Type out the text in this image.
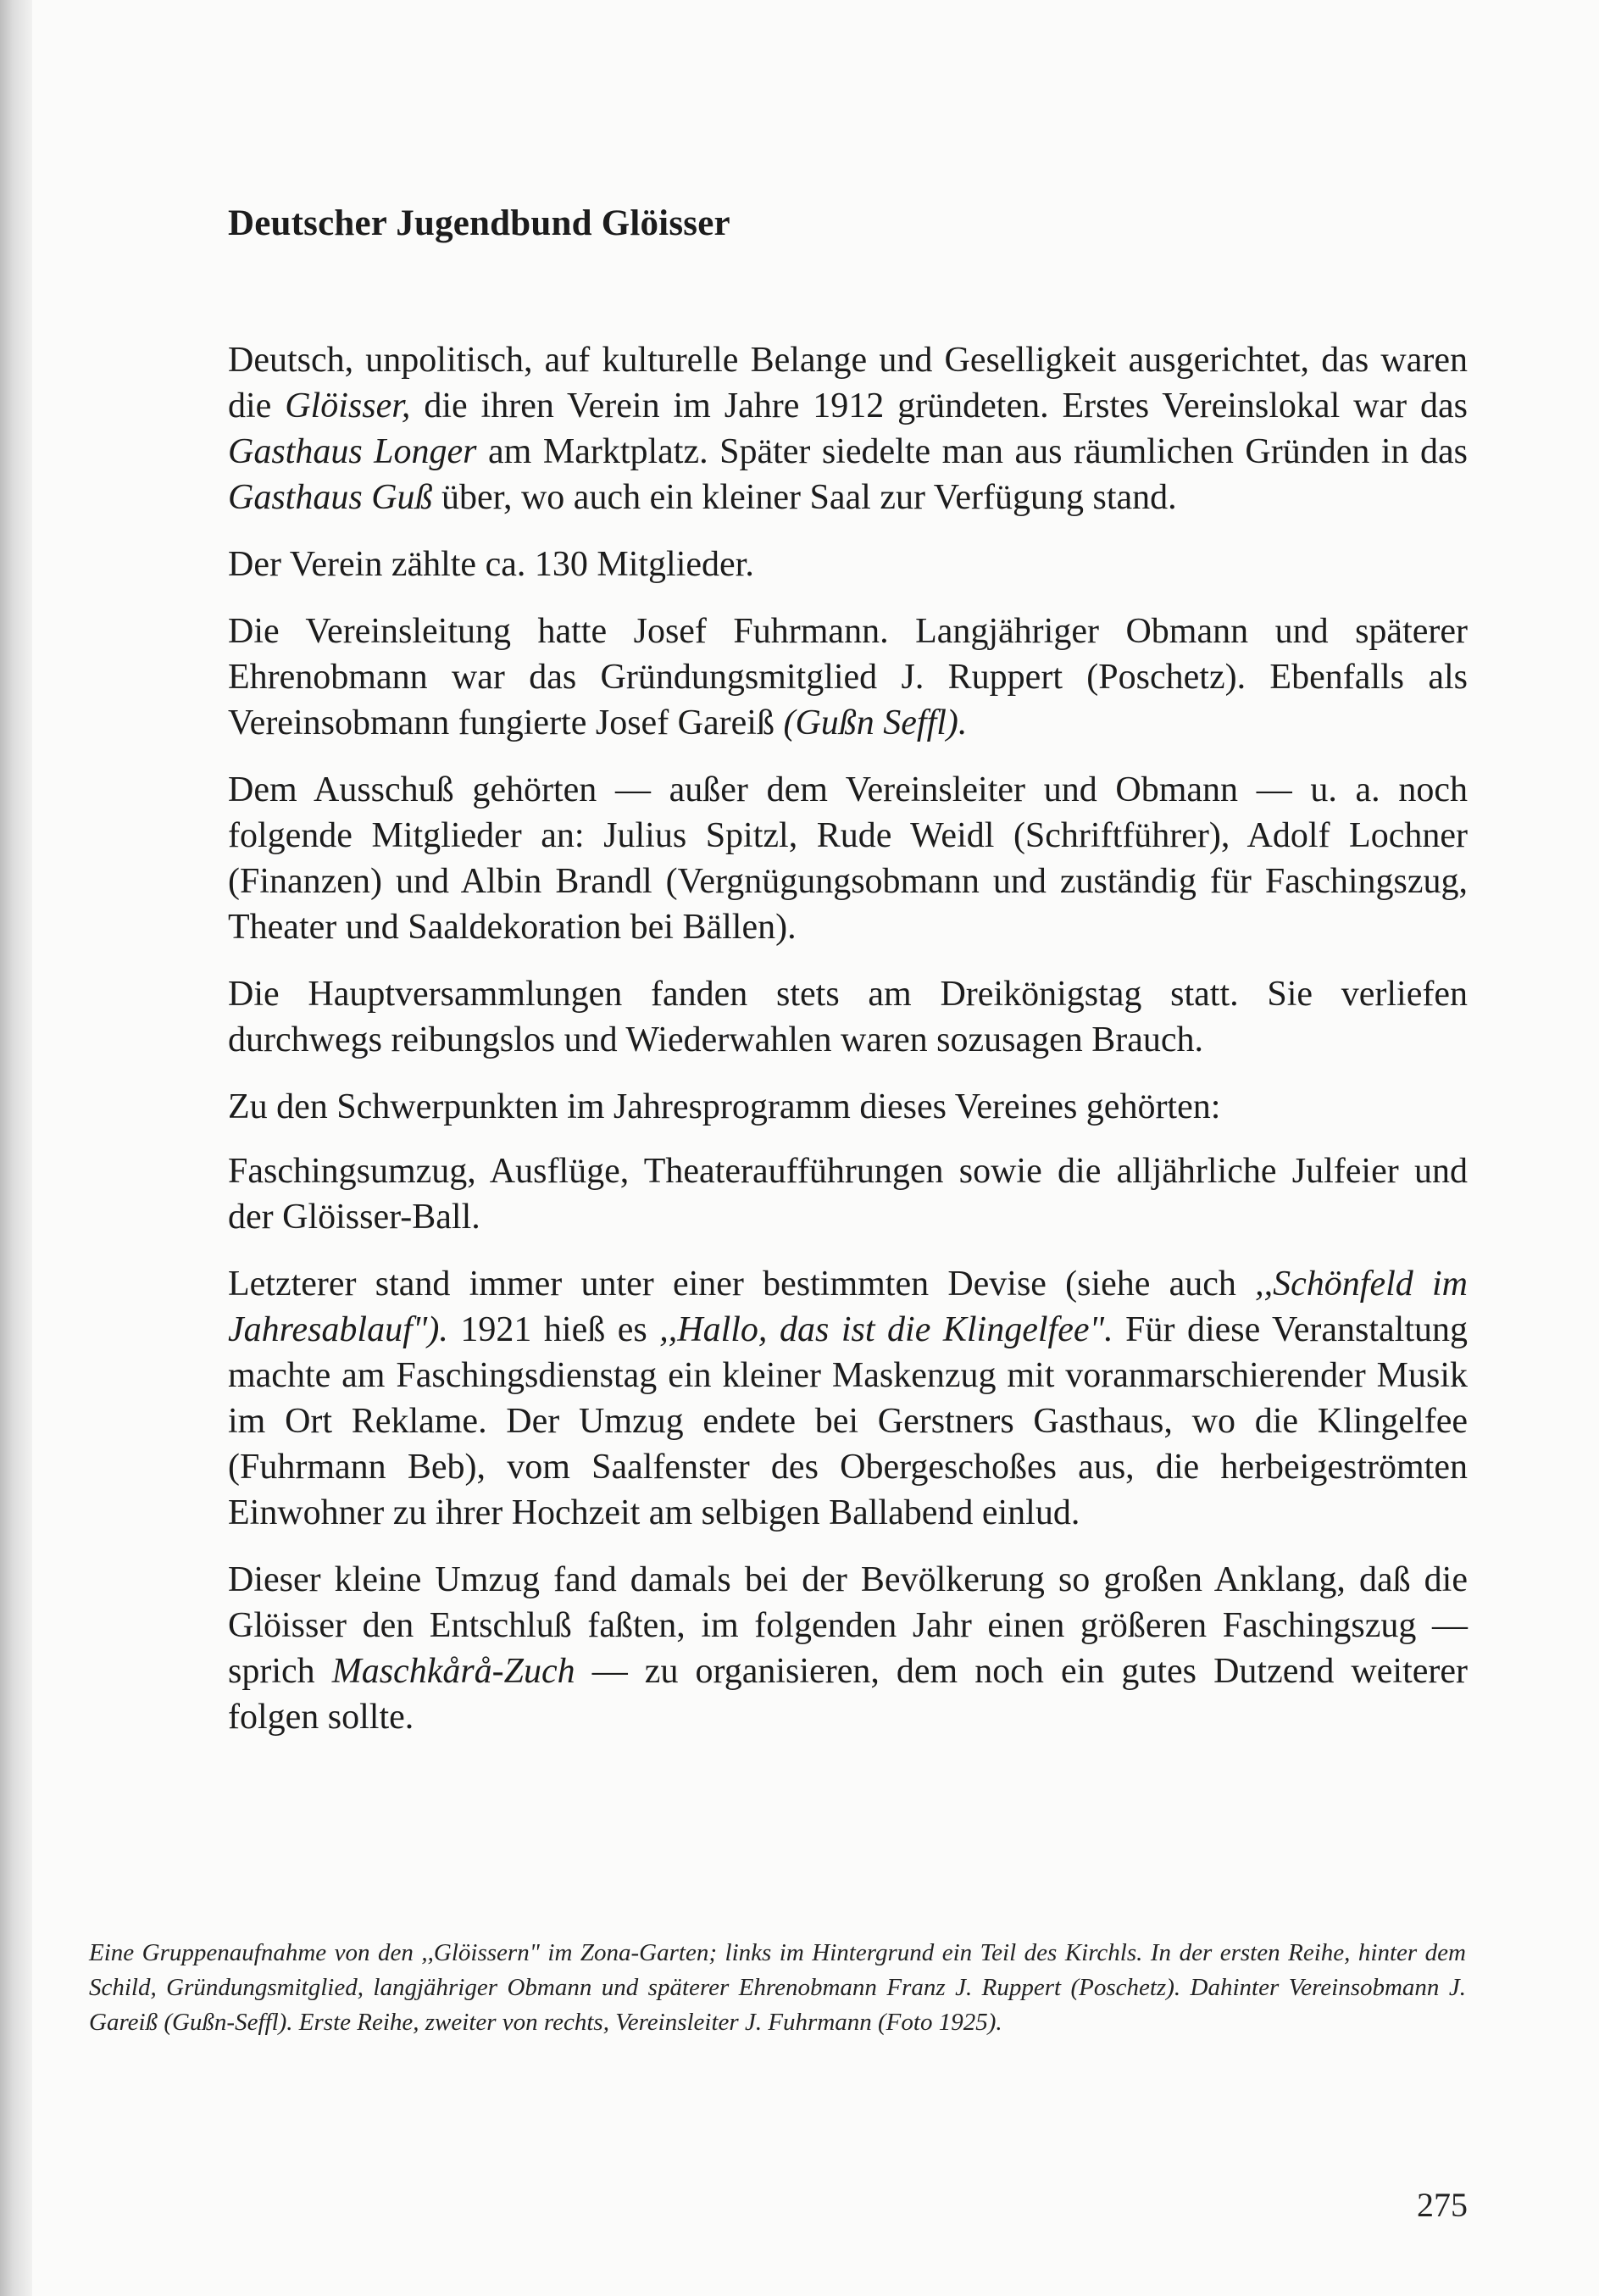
Deutscher Jugendbund Glöisser

Deutsch, unpolitisch, auf kulturelle Belange und Geselligkeit ausgerichtet, das waren die Glöisser, die ihren Verein im Jahre 1912 gründeten. Erstes Vereinslokal war das Gasthaus Longer am Marktplatz. Später siedelte man aus räumlichen Gründen in das Gasthaus Guß über, wo auch ein kleiner Saal zur Verfügung stand.

Der Verein zählte ca. 130 Mitglieder.

Die Vereinsleitung hatte Josef Fuhrmann. Langjähriger Obmann und späterer Ehrenobmann war das Gründungsmitglied J. Ruppert (Poschetz). Ebenfalls als Vereinsobmann fungierte Josef Gareiß (Gußn Seffl).

Dem Ausschuß gehörten — außer dem Vereinsleiter und Obmann — u. a. noch folgende Mitglieder an: Julius Spitzl, Rude Weidl (Schriftführer), Adolf Lochner (Finanzen) und Albin Brandl (Vergnügungsobmann und zuständig für Faschingszug, Theater und Saaldekoration bei Bällen).

Die Hauptversammlungen fanden stets am Dreikönigstag statt. Sie verliefen durchwegs reibungslos und Wiederwahlen waren sozusagen Brauch.

Zu den Schwerpunkten im Jahresprogramm dieses Vereines gehörten:

Faschingsumzug, Ausflüge, Theateraufführungen sowie die alljährliche Julfeier und der Glöisser-Ball.

Letzterer stand immer unter einer bestimmten Devise (siehe auch ,,Schönfeld im Jahresablauf"). 1921 hieß es ,,Hallo, das ist die Klingelfee". Für diese Veranstaltung machte am Faschingsdienstag ein kleiner Maskenzug mit voranmarschierender Musik im Ort Reklame. Der Umzug endete bei Gerstners Gasthaus, wo die Klingelfee (Fuhrmann Beb), vom Saalfenster des Obergeschoßes aus, die herbeigeströmten Einwohner zu ihrer Hochzeit am selbigen Ballabend einlud.

Dieser kleine Umzug fand damals bei der Bevölkerung so großen Anklang, daß die Glöisser den Entschluß faßten, im folgenden Jahr einen größeren Faschingszug — sprich Maschkårå-Zuch — zu organisieren, dem noch ein gutes Dutzend weiterer folgen sollte.

Eine Gruppenaufnahme von den ,,Glöissern" im Zona-Garten; links im Hintergrund ein Teil des Kirchls. In der ersten Reihe, hinter dem Schild, Gründungsmitglied, langjähriger Obmann und späterer Ehrenobmann Franz J. Ruppert (Poschetz). Dahinter Vereinsobmann J. Gareiß (Gußn-Seffl). Erste Reihe, zweiter von rechts, Vereinsleiter J. Fuhrmann (Foto 1925).

275
